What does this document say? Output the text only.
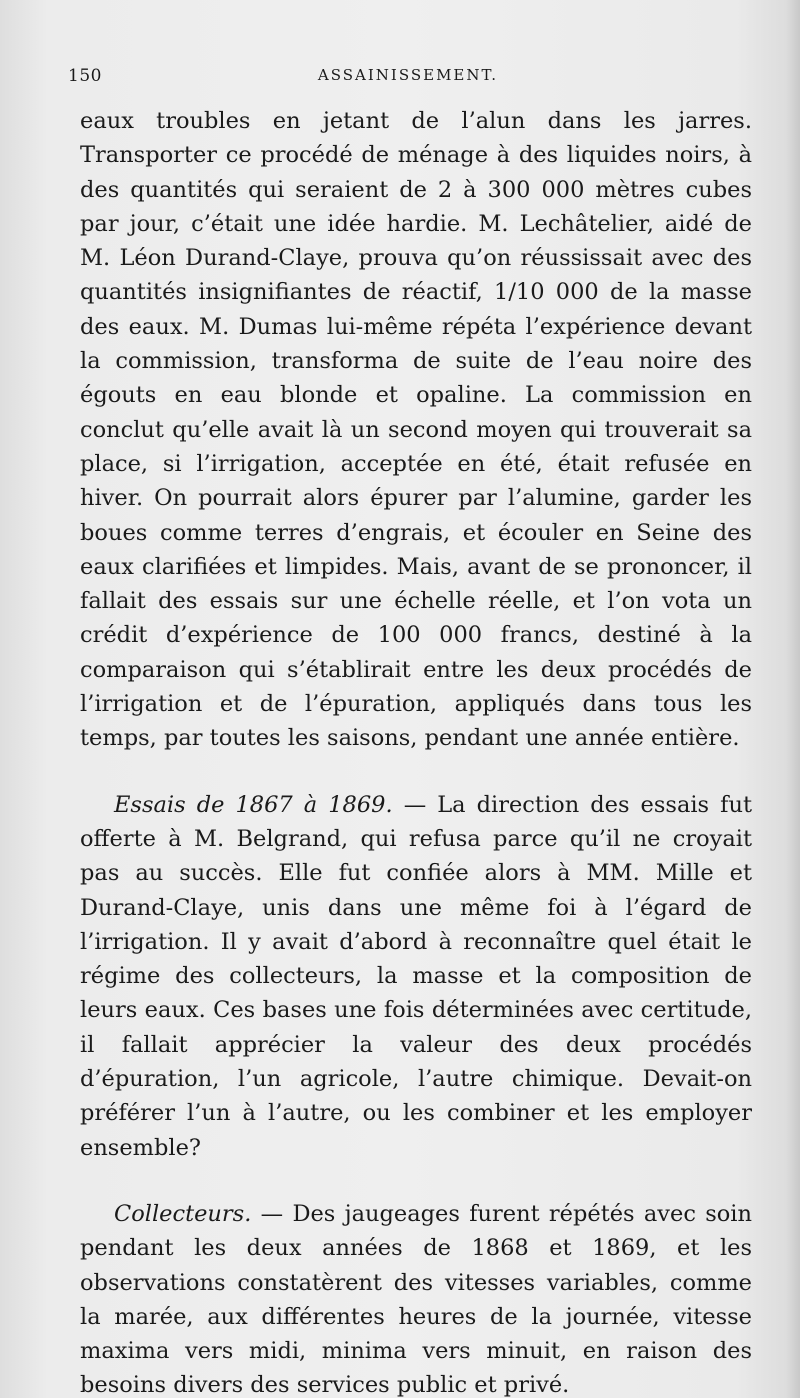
150	ASSAINISSEMENT.

eaux troubles en jetant de l’alun dans les jarres. Transporter ce procédé de ménage à des liquides noirs, à des quantités qui seraient de 2 à 300 000 mètres cubes par jour, c’était une idée hardie. M. Lechâtelier, aidé de M. Léon Durand-Claye, prouva qu’on réussissait avec des quantités insignifiantes de réactif, 1/10 000 de la masse des eaux. M. Dumas lui-même répéta l’expérience devant la commission, transforma de suite de l’eau noire des égouts en eau blonde et opaline. La commission en conclut qu’elle avait là un second moyen qui trouverait sa place, si l’irrigation, acceptée en été, était refusée en hiver. On pourrait alors épurer par l’alumine, garder les boues comme terres d’engrais, et écouler en Seine des eaux clarifiées et limpides. Mais, avant de se prononcer, il fallait des essais sur une échelle réelle, et l’on vota un crédit d’expérience de 100 000 francs, destiné à la comparaison qui s’établirait entre les deux procédés de l’irrigation et de l’épuration, appliqués dans tous les temps, par toutes les saisons, pendant une année entière.

Essais de 1867 à 1869. — La direction des essais fut offerte à M. Belgrand, qui refusa parce qu’il ne croyait pas au succès. Elle fut confiée alors à MM. Mille et Durand-Claye, unis dans une même foi à l’égard de l’irrigation. Il y avait d’abord à reconnaître quel était le régime des collecteurs, la masse et la composition de leurs eaux. Ces bases une fois déterminées avec certitude, il fallait apprécier la valeur des deux procédés d’épuration, l’un agricole, l’autre chimique. Devait-on préférer l’un à l’autre, ou les combiner et les employer ensemble?

Collecteurs. — Des jaugeages furent répétés avec soin pendant les deux années de 1868 et 1869, et les observations constatèrent des vitesses variables, comme la marée, aux différentes heures de la journée, vitesse maxima vers midi, minima vers minuit, en raison des besoins divers des services public et privé.
